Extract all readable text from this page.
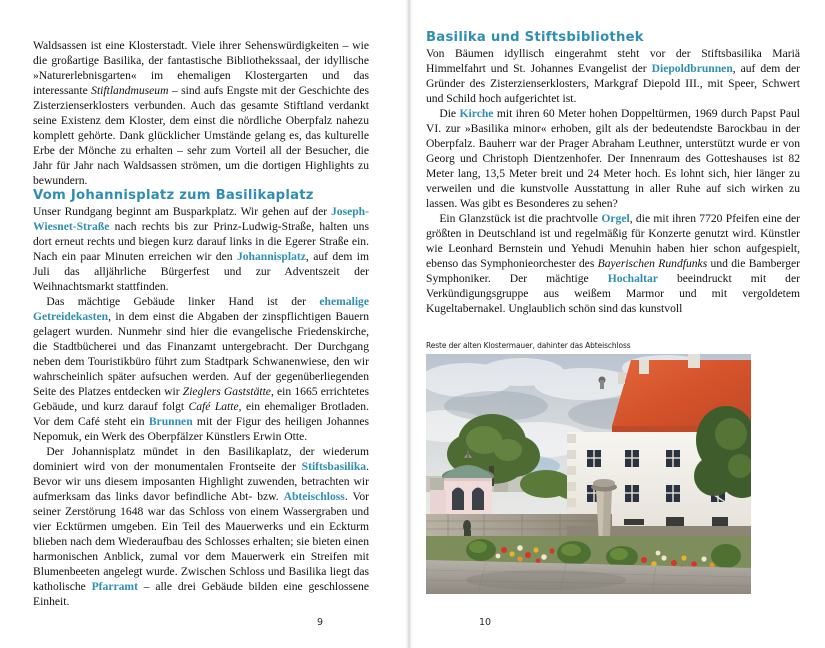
Waldsassen ist eine Klosterstadt. Viele ihrer Sehenswürdigkeiten – wie die großartige Basilika, der fantastische Bibliothekssaal, der idyllische »Naturerlebnisgarten« im ehemaligen Klostergarten und das interessante Stiftlandmuseum – sind aufs Engste mit der Geschichte des Zisterzienserklosters verbunden. Auch das gesamte Stiftland verdankt seine Existenz dem Kloster, dem einst die nördliche Oberpfalz nahezu komplett gehörte. Dank glücklicher Umstände gelang es, das kulturelle Erbe der Mönche zu erhalten – sehr zum Vorteil all der Besucher, die Jahr für Jahr nach Waldsassen strömen, um die dortigen Highlights zu bewundern.

Vom Johannisplatz zum Basilikaplatz

Unser Rundgang beginnt am Busparkplatz. Wir gehen auf der Joseph-Wiesnet-Straße nach rechts bis zur Prinz-Ludwig-Straße, halten uns dort erneut rechts und biegen kurz darauf links in die Egerer Straße ein. Nach ein paar Minuten erreichen wir den Johannisplatz, auf dem im Juli das alljährliche Bürgerfest und zur Adventszeit der Weihnachtsmarkt stattfinden.

Das mächtige Gebäude linker Hand ist der ehemalige Getreidekasten, in dem einst die Abgaben der zinspflichtigen Bauern gelagert wurden. Nunmehr sind hier die evangelische Friedenskirche, die Stadtbücherei und das Finanzamt untergebracht. Der Durchgang neben dem Touristikbüro führt zum Stadtpark Schwanenwiese, den wir wahrscheinlich später aufsuchen werden. Auf der gegenüberliegenden Seite des Platzes entdecken wir Zieglers Gaststätte, ein 1665 errichtetes Gebäude, und kurz darauf folgt Café Latte, ein ehemaliger Brotladen. Vor dem Café steht ein Brunnen mit der Figur des heiligen Johannes Nepomuk, ein Werk des Oberpfälzer Künstlers Erwin Otte.

Der Johannisplatz mündet in den Basilikaplatz, der wiederum dominiert wird von der monumentalen Frontseite der Stiftsbasilika. Bevor wir uns diesem imposanten Highlight zuwenden, betrachten wir aufmerksam das links davor befindliche Abt- bzw. Abteischloss. Vor seiner Zerstörung 1648 war das Schloss von einem Wassergraben und vier Ecktürmen umgeben. Ein Teil des Mauerwerks und ein Eckturm blieben nach dem Wiederaufbau des Schlosses erhalten; sie bieten einen harmonischen Anblick, zumal vor dem Mauerwerk ein Streifen mit Blumenbeeten angelegt wurde. Zwischen Schloss und Basilika liegt das katholische Pfarramt – alle drei Gebäude bilden eine geschlossene Einheit.

9
Basilika und Stiftsbibliothek

Von Bäumen idyllisch eingerahmt steht vor der Stiftsbasilika Mariä Himmelfahrt und St. Johannes Evangelist der Diepoldbrunnen, auf dem der Gründer des Zisterzienserklosters, Markgraf Diepold III., mit Speer, Schwert und Schild hoch aufgerichtet ist.

Die Kirche mit ihren 60 Meter hohen Doppeltürmen, 1969 durch Papst Paul VI. zur »Basilika minor« erhoben, gilt als der bedeutendste Barockbau in der Oberpfalz. Bauherr war der Prager Abraham Leuthner, unterstützt wurde er von Georg und Christoph Dientzenhofer. Der Innenraum des Gotteshauses ist 82 Meter lang, 13,5 Meter breit und 24 Meter hoch. Es lohnt sich, hier länger zu verweilen und die kunstvolle Ausstattung in aller Ruhe auf sich wirken zu lassen. Was gibt es Besonderes zu sehen?

Ein Glanzstück ist die prachtvolle Orgel, die mit ihren 7720 Pfeifen eine der größten in Deutschland ist und regelmäßig für Konzerte genutzt wird. Künstler wie Leonhard Bernstein und Yehudi Menuhin haben hier schon aufgespielt, ebenso das Symphonieorchester des Bayerischen Rundfunks und die Bamberger Symphoniker. Der mächtige Hochaltar beeindruckt mit der Verkündigungsgruppe aus weißem Marmor und mit vergoldetem Kugeltabernakel. Unglaublich schön sind das kunstvoll

Reste der alten Klostermauer, dahinter das Abteischloss
10
